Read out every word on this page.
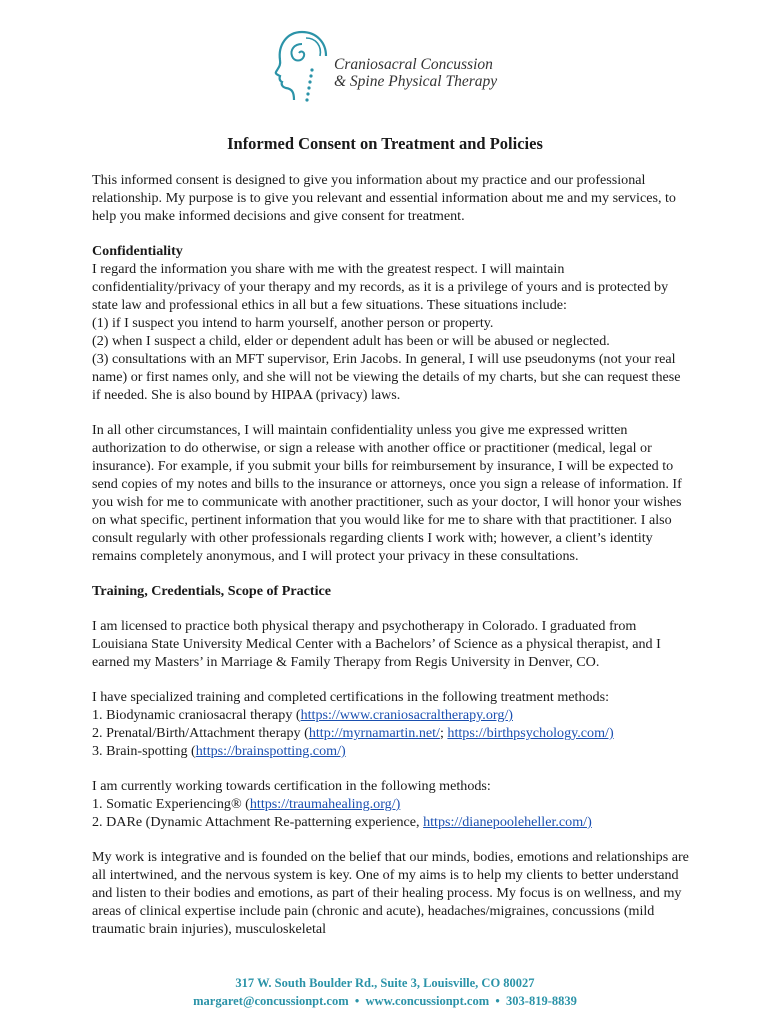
Craniosacral Concussion
& Spine Physical Therapy
Informed Consent on Treatment and Policies

This informed consent is designed to give you information about my practice and our professional relationship. My purpose is to give you relevant and essential information about me and my services, to help you make informed decisions and give consent for treatment.

Confidentiality
I regard the information you share with me with the greatest respect. I will maintain confidentiality/privacy of your therapy and my records, as it is a privilege of yours and is protected by state law and professional ethics in all but a few situations. These situations include:
(1) if I suspect you intend to harm yourself, another person or property.
(2) when I suspect a child, elder or dependent adult has been or will be abused or neglected.
(3) consultations with an MFT supervisor, Erin Jacobs. In general, I will use pseudonyms (not your real name) or first names only, and she will not be viewing the details of my charts, but she can request these if needed. She is also bound by HIPAA (privacy) laws.

In all other circumstances, I will maintain confidentiality unless you give me expressed written authorization to do otherwise, or sign a release with another office or practitioner (medical, legal or insurance). For example, if you submit your bills for reimbursement by insurance, I will be expected to send copies of my notes and bills to the insurance or attorneys, once you sign a release of information. If you wish for me to communicate with another practitioner, such as your doctor, I will honor your wishes on what specific, pertinent information that you would like for me to share with that practitioner. I also consult regularly with other professionals regarding clients I work with; however, a client’s identity remains completely anonymous, and I will protect your privacy in these consultations.

Training, Credentials, Scope of Practice

I am licensed to practice both physical therapy and psychotherapy in Colorado. I graduated from Louisiana State University Medical Center with a Bachelors’ of Science as a physical therapist, and I earned my Masters’ in Marriage & Family Therapy from Regis University in Denver, CO.

I have specialized training and completed certifications in the following treatment methods:
1. Biodynamic craniosacral therapy (https://www.craniosacraltherapy.org/)
2. Prenatal/Birth/Attachment therapy (http://myrnamartin.net/; https://birthpsychology.com/)
3. Brain-spotting (https://brainspotting.com/)

I am currently working towards certification in the following methods:
1. Somatic Experiencing® (https://traumahealing.org/)
2. DARe (Dynamic Attachment Re-patterning experience, https://dianepooleheller.com/)

My work is integrative and is founded on the belief that our minds, bodies, emotions and relationships are all intertwined, and the nervous system is key. One of my aims is to help my clients to better understand and listen to their bodies and emotions, as part of their healing process. My focus is on wellness, and my areas of clinical expertise include pain (chronic and acute), headaches/migraines, concussions (mild traumatic brain injuries), musculoskeletal

317 W. South Boulder Rd., Suite 3, Louisville, CO 80027
margaret@concussionpt.com • www.concussionpt.com • 303-819-8839
